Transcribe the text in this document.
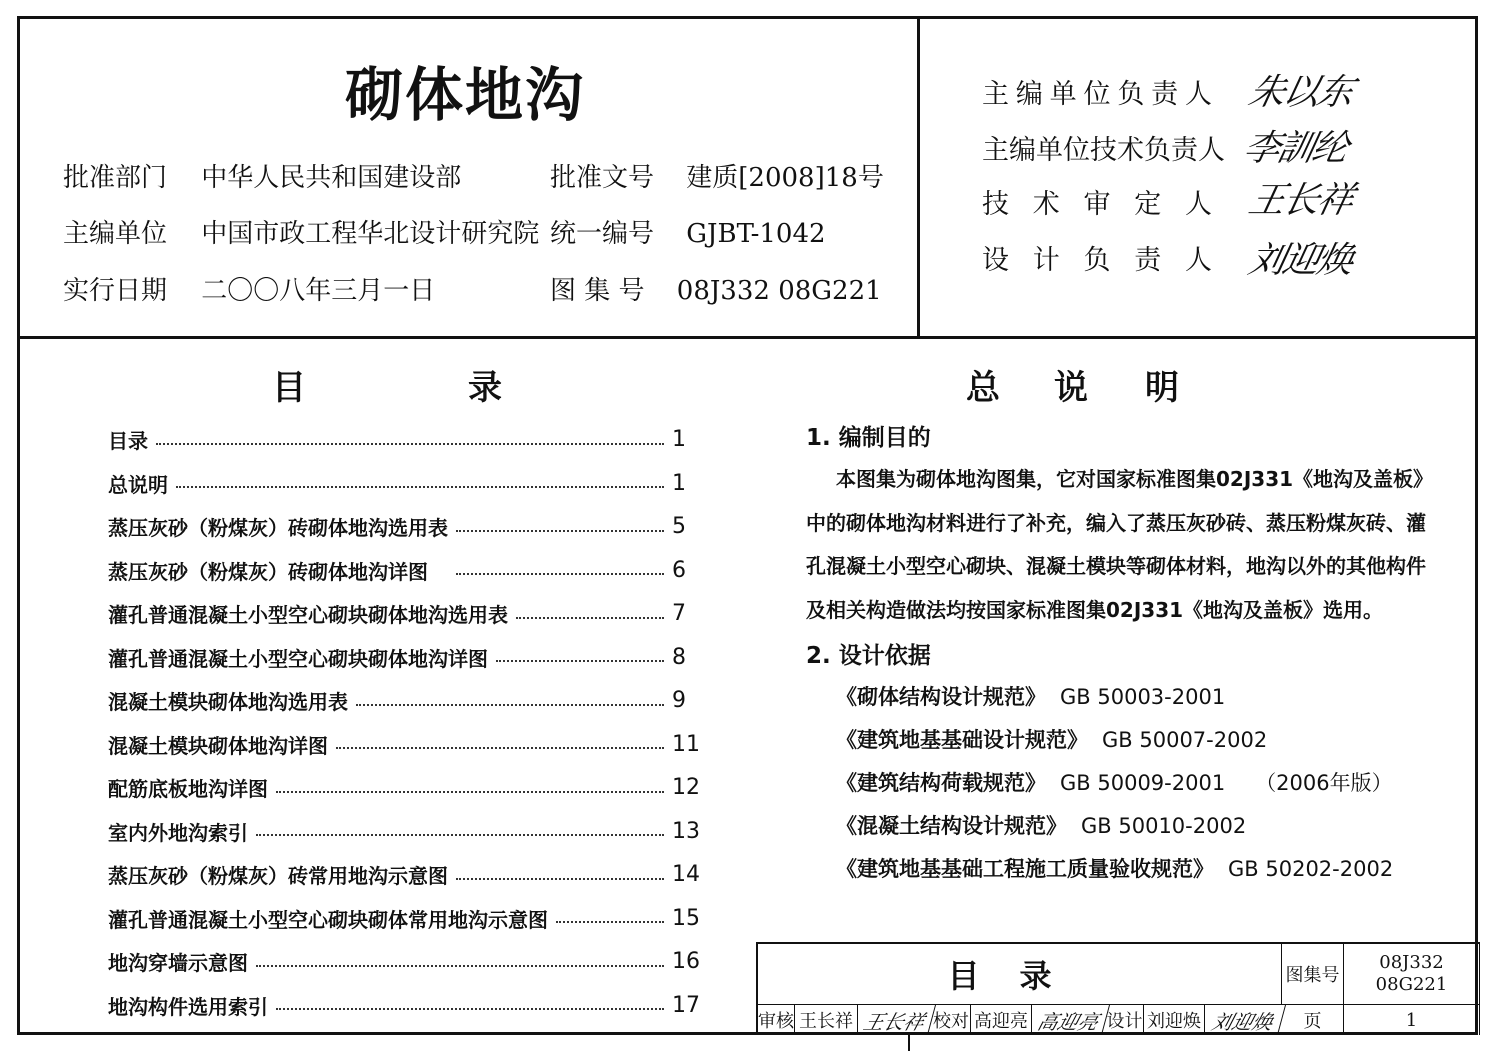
砌体地沟
批准部门 中华人民共和国建设部
主编单位 中国市政工程华北设计研究院
实行日期 二〇〇八年三月一日
批准文号 建质[2008]18号
统一编号 GJBT-1042
图 集 号 08J332 08G221
主编单位负责人 朱以东
主编单位技术负责人 李訓纶
技术审定人 王长祥
设计负责人 刘迎焕
目	录
目录	1
总说明	1
蒸压灰砂（粉煤灰）砖砌体地沟选用表	5
蒸压灰砂（粉煤灰）砖砌体地沟详图	6
灌孔普通混凝土小型空心砌块砌体地沟选用表	7
灌孔普通混凝土小型空心砌块砌体地沟详图	8
混凝土模块砌体地沟选用表	9
混凝土模块砌体地沟详图	11
配筋底板地沟详图	12
室内外地沟索引	13
蒸压灰砂（粉煤灰）砖常用地沟示意图	14
灌孔普通混凝土小型空心砌块砌体常用地沟示意图	15
地沟穿墙示意图	16
地沟构件选用索引	17
总 说 明
1. 编制目的

本图集为砌体地沟图集，它对国家标准图集02J331《地沟及盖板》中的砌体地沟材料进行了补充，编入了蒸压灰砂砖、蒸压粉煤灰砖、灌孔混凝土小型空心砌块、混凝土模块等砌体材料，地沟以外的其他构件及相关构造做法均按国家标准图集02J331《地沟及盖板》选用。

2. 设计依据
《砌体结构设计规范》 GB 50003-2001
《建筑地基基础设计规范》 GB 50007-2002
《建筑结构荷载规范》 GB 50009-2001 （2006年版）
《混凝土结构设计规范》 GB 50010-2002
《建筑地基基础工程施工质量验收规范》 GB 50202-2002
目录	图集号
08J332
08G221
审核 王长祥 王长祥 校对 高迎亮 高迎亮 设计 刘迎焕 刘迎焕	页	1
